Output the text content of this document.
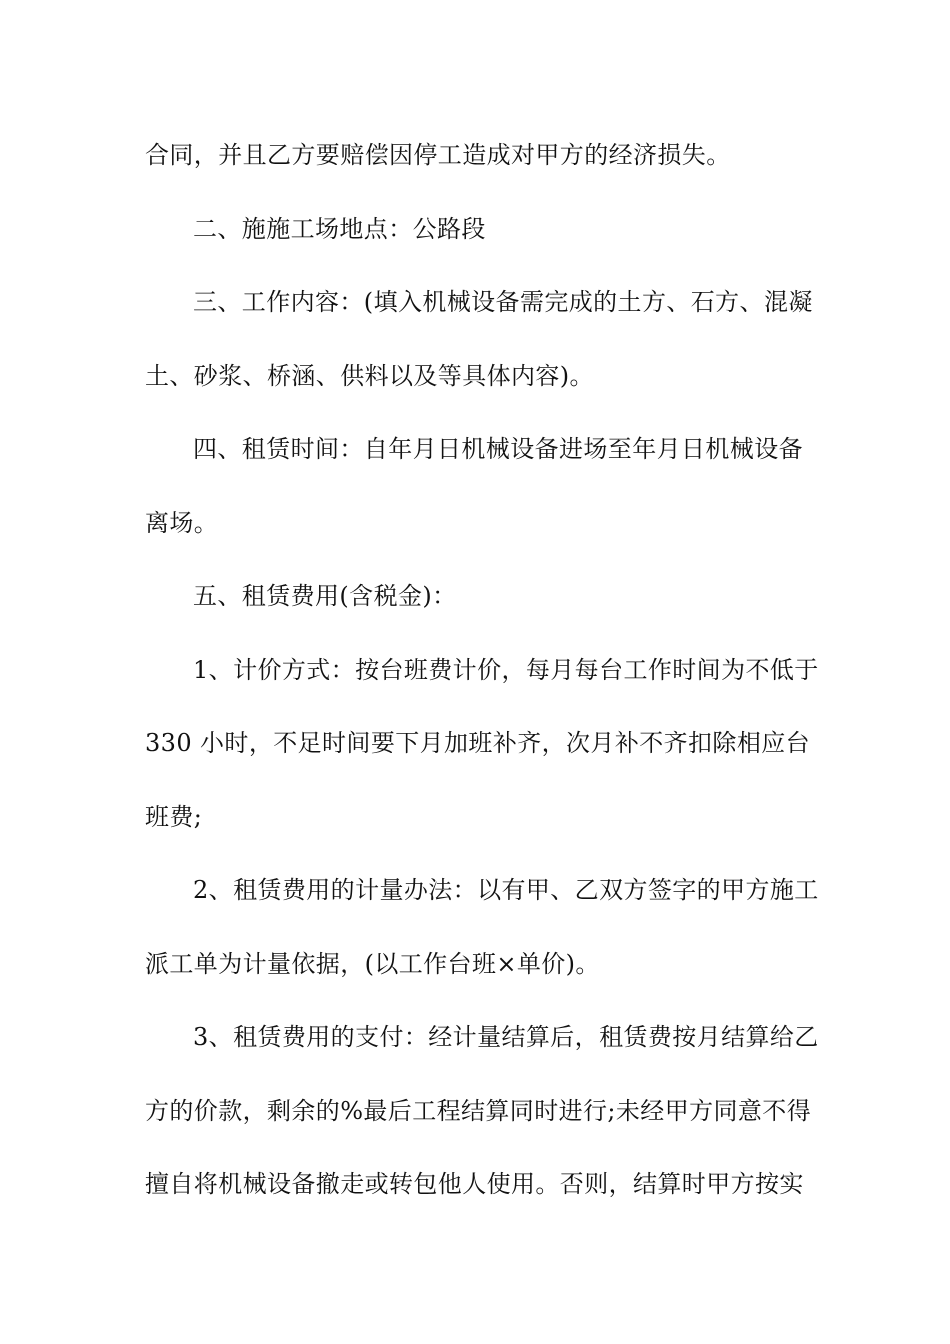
合同，并且乙方要赔偿因停工造成对甲方的经济损失。
二、施施工场地点：公路段
三、工作内容：(填入机械设备需完成的土方、石方、混凝
土、砂浆、桥涵、供料以及等具体内容)。
四、租赁时间：自年月日机械设备进场至年月日机械设备
离场。
五、租赁费用(含税金)：
1、计价方式：按台班费计价，每月每台工作时间为不低于
330 小时，不足时间要下月加班补齐，次月补不齐扣除相应台
班费;
2、租赁费用的计量办法：以有甲、乙双方签字的甲方施工
派工单为计量依据，(以工作台班×单价)。
3、租赁费用的支付：经计量结算后，租赁费按月结算给乙
方的价款，剩余的%最后工程结算同时进行;未经甲方同意不得
擅自将机械设备撤走或转包他人使用。否则，结算时甲方按实
